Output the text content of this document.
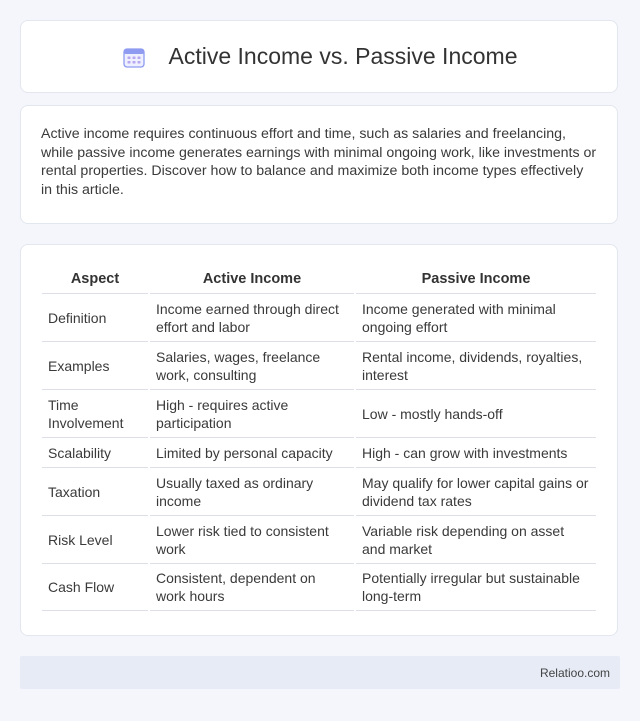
Active Income vs. Passive Income

Active income requires continuous effort and time, such as salaries and freelancing, while passive income generates earnings with minimal ongoing work, like investments or rental properties. Discover how to balance and maximize both income types effectively in this article.

Aspect	Active Income	Passive Income
Definition	Income earned through direct effort and labor	Income generated with minimal ongoing effort
Examples	Salaries, wages, freelance work, consulting	Rental income, dividends, royalties, interest
Time Involvement	High - requires active participation	Low - mostly hands-off
Scalability	Limited by personal capacity	High - can grow with investments
Taxation	Usually taxed as ordinary income	May qualify for lower capital gains or dividend tax rates
Risk Level	Lower risk tied to consistent work	Variable risk depending on asset and market
Cash Flow	Consistent, dependent on work hours	Potentially irregular but sustainable long-term
Relatioo.com
